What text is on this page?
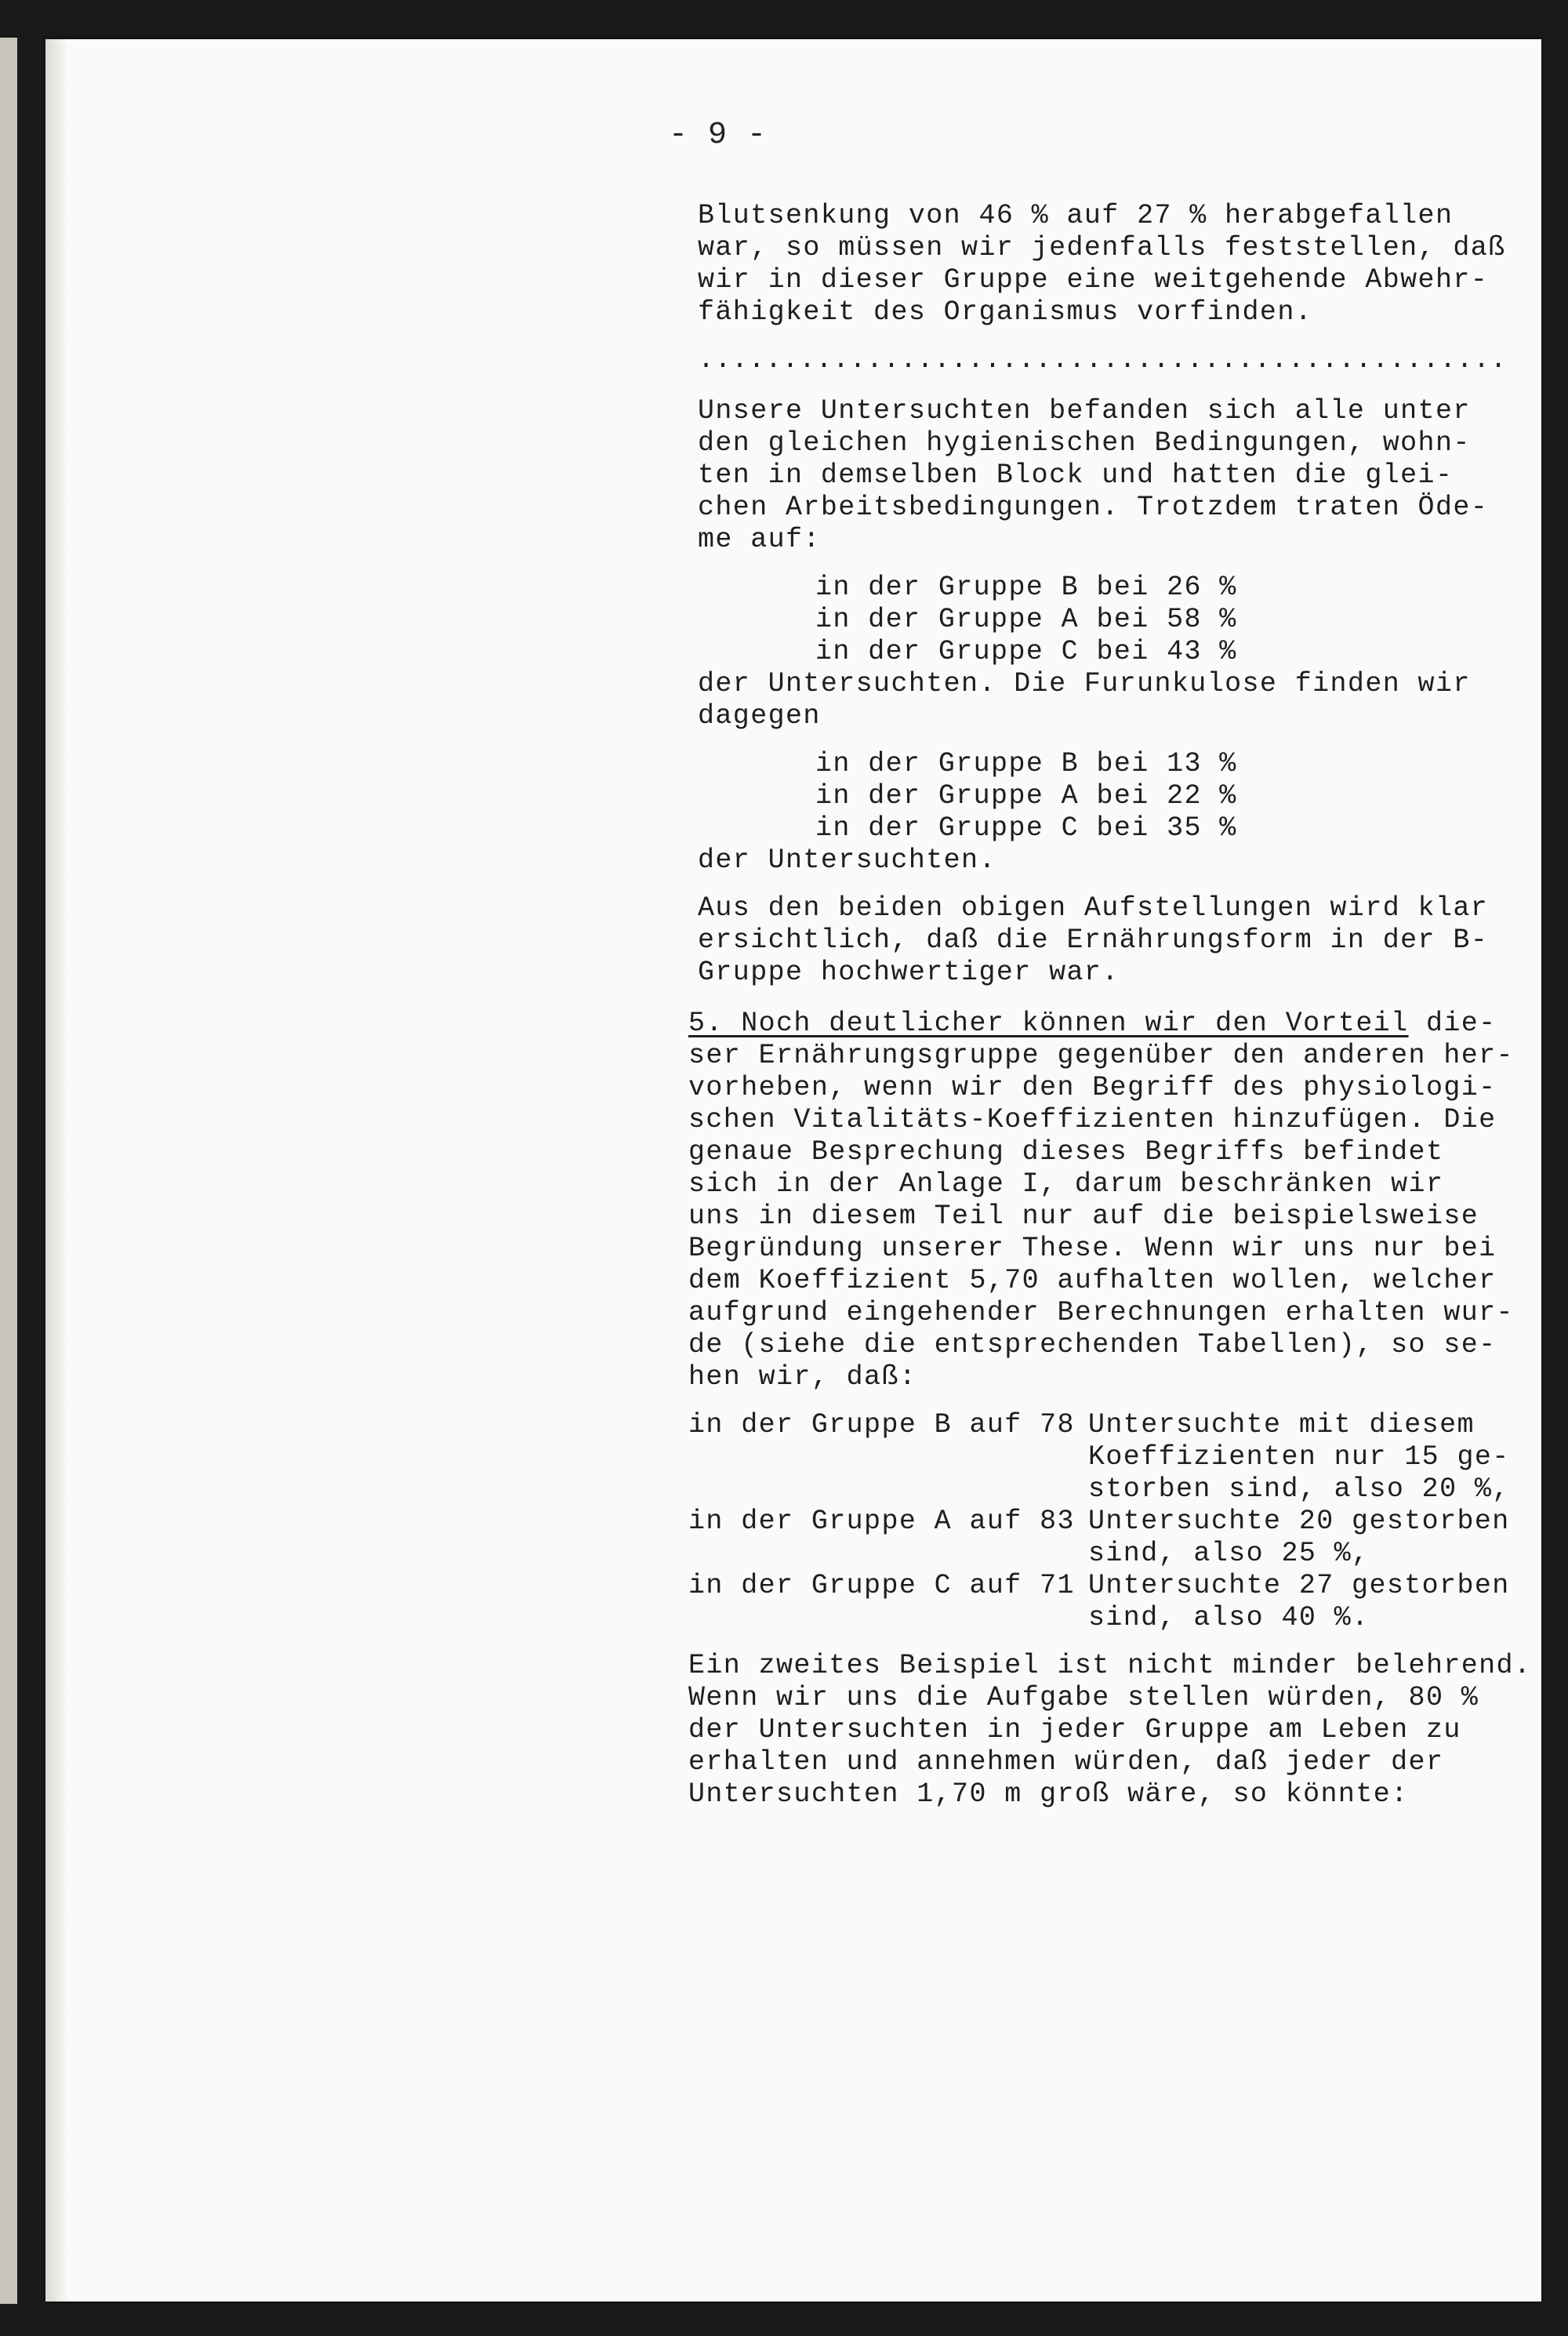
- 9 -

Blutsenkung von 46 % auf 27 % herabgefallen

war, so müssen wir jedenfalls feststellen, daß

wir in dieser Gruppe eine weitgehende Abwehr-

fähigkeit des Organismus vorfinden.

................................................

Unsere Untersuchten befanden sich alle unter

den gleichen hygienischen Bedingungen, wohn-

ten in demselben Block und hatten die glei-

chen Arbeitsbedingungen. Trotzdem traten Öde-

me auf:

in der Gruppe B bei 26 %

in der Gruppe A bei 58 %

in der Gruppe C bei 43 %

der Untersuchten. Die Furunkulose finden wir

dagegen

in der Gruppe B bei 13 %

in der Gruppe A bei 22 %

in der Gruppe C bei 35 %

der Untersuchten.

Aus den beiden obigen Aufstellungen wird klar

ersichtlich, daß die Ernährungsform in der B-

Gruppe hochwertiger war.

5. Noch deutlicher können wir den Vorteil die-

ser Ernährungsgruppe gegenüber den anderen her-

vorheben, wenn wir den Begriff des physiologi-

schen Vitalitäts-Koeffizienten hinzufügen. Die

genaue Besprechung dieses Begriffs befindet

sich in der Anlage I, darum beschränken wir

uns in diesem Teil nur auf die beispielsweise

Begründung unserer These. Wenn wir uns nur bei

dem Koeffizient 5,70 aufhalten wollen, welcher

aufgrund eingehender Berechnungen erhalten wur-

de (siehe die entsprechenden Tabellen), so se-

hen wir, daß:

in der Gruppe B auf 78 Untersuchte mit diesem

Koeffizienten nur 15 ge-

storben sind, also 20 %,

in der Gruppe A auf 83 Untersuchte 20 gestorben

sind, also 25 %,

in der Gruppe C auf 71 Untersuchte 27 gestorben

sind, also 40 %.

Ein zweites Beispiel ist nicht minder belehrend.

Wenn wir uns die Aufgabe stellen würden, 80 %

der Untersuchten in jeder Gruppe am Leben zu

erhalten und annehmen würden, daß jeder der

Untersuchten 1,70 m groß wäre, so könnte:
